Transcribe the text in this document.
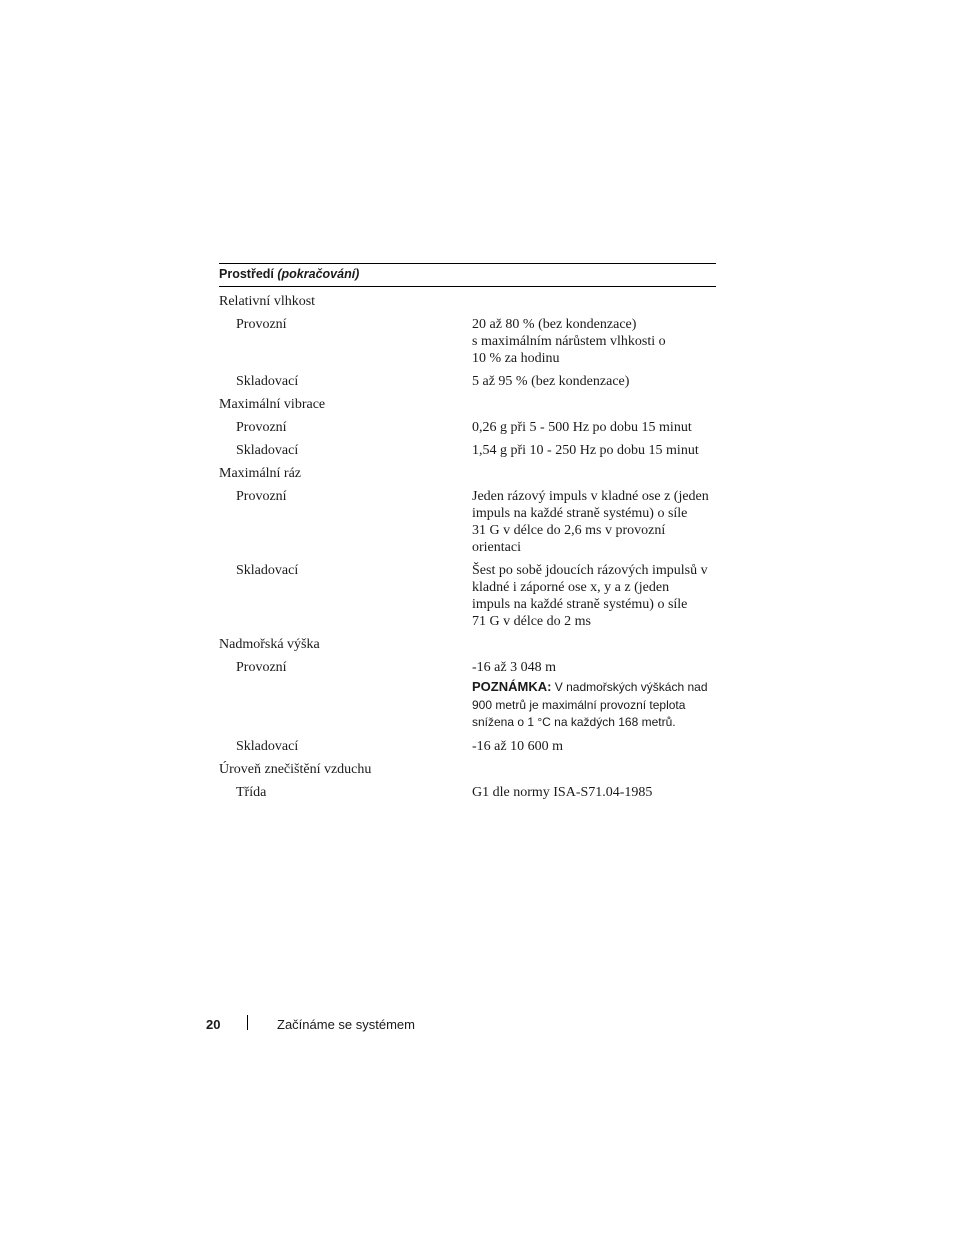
Prostředí (pokračování)
Relativní vlhkost
Provozní	20 až 80 % (bez kondenzace)
s maximálním nárůstem vlhkosti o
10 % za hodinu
Skladovací	5 až 95 % (bez kondenzace)
Maximální vibrace
Provozní	0,26 g při 5 - 500 Hz po dobu 15 minut
Skladovací	1,54 g při 10 - 250 Hz po dobu 15 minut
Maximální ráz
Provozní	Jeden rázový impuls v kladné ose z (jeden
impuls na každé straně systému) o síle
31 G v délce do 2,6 ms v provozní
orientaci
Skladovací	Šest po sobě jdoucích rázových impulsů v
kladné i záporné ose x, y a z (jeden
impuls na každé straně systému) o síle
71 G v délce do 2 ms
Nadmořská výška
Provozní	-16 až 3 048 m
POZNÁMKA: V nadmořských výškách nad
900 metrů je maximální provozní teplota
snížena o 1 °C na každých 168 metrů.
Skladovací	-16 až 10 600 m
Úroveň znečištění vzduchu
Třída	G1 dle normy ISA-S71.04-1985
20	Začínáme se systémem
